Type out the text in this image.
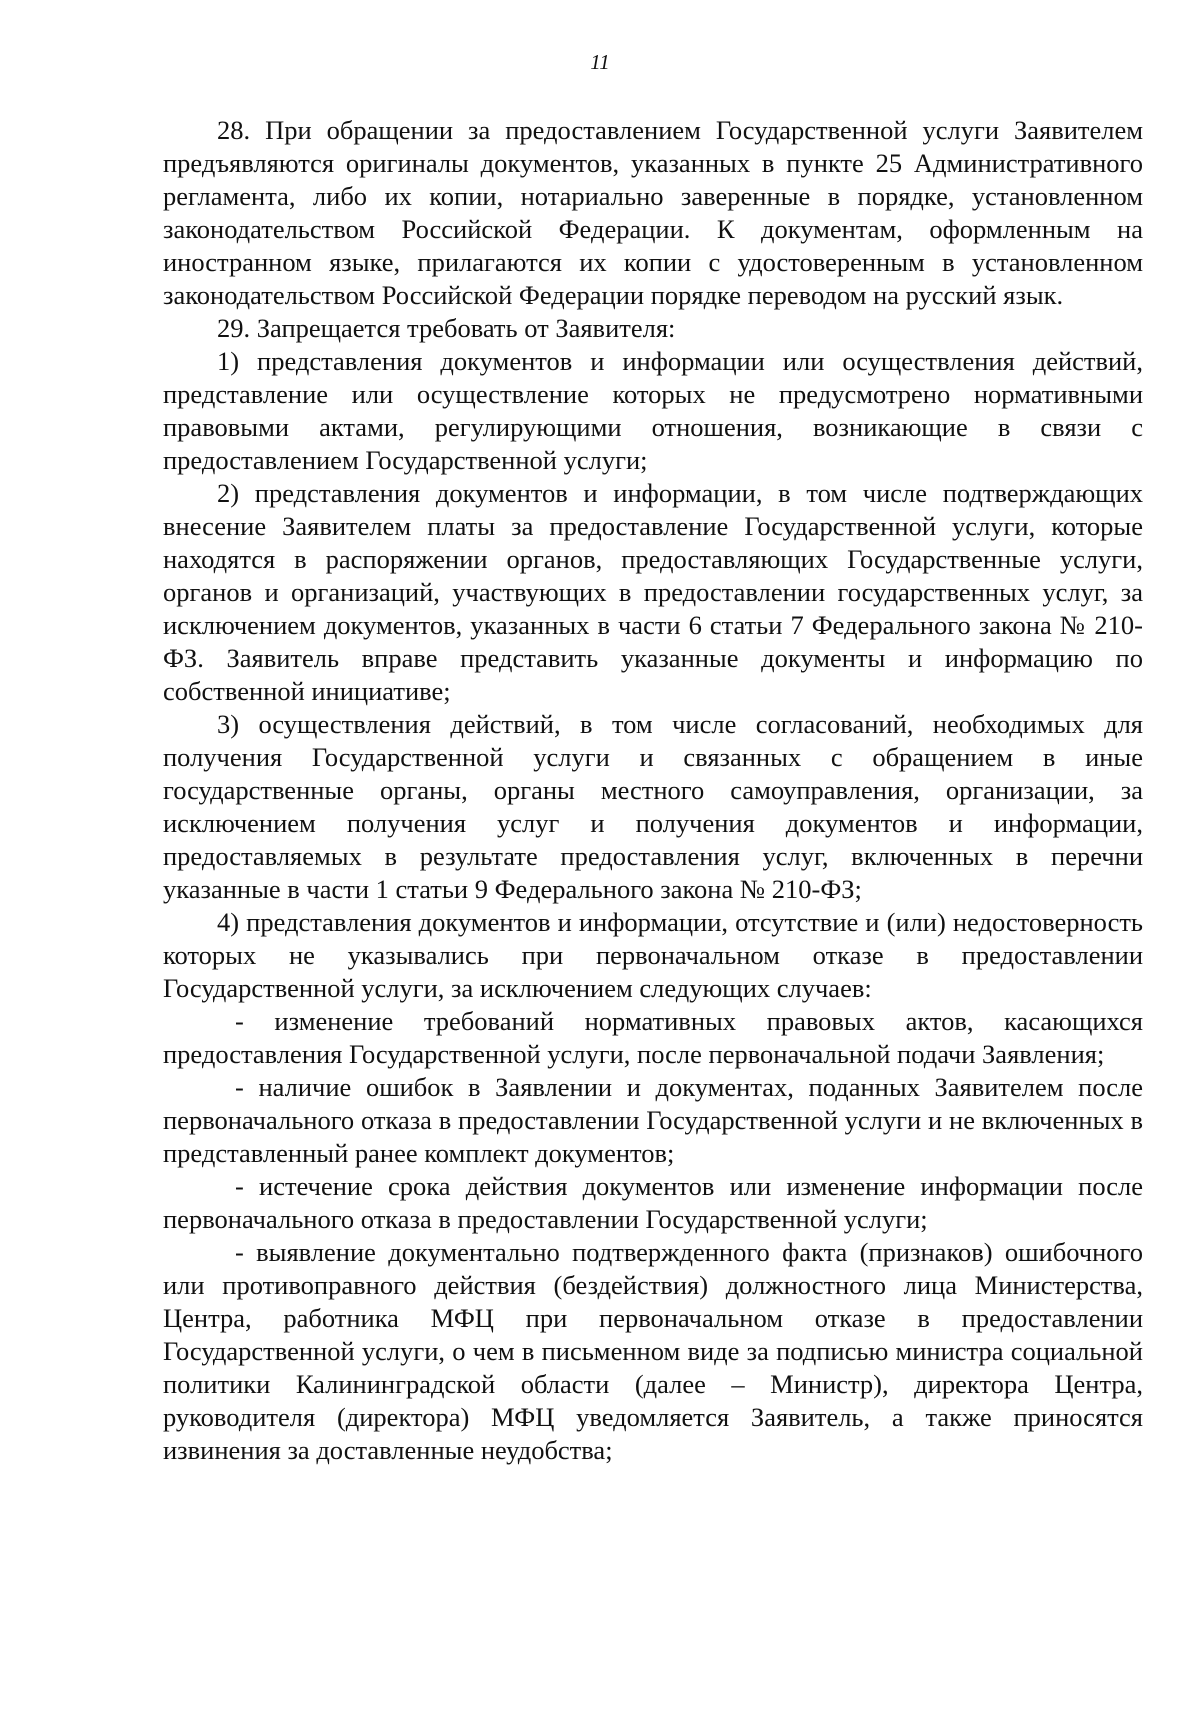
11

28. При обращении за предоставлением Государственной услуги Заявителем предъявляются оригиналы документов, указанных в пункте 25 Административного регламента, либо их копии, нотариально заверенные в порядке, установленном законодательством Российской Федерации. К документам, оформленным на иностранном языке, прилагаются их копии с удостоверенным в установленном законодательством Российской Федерации порядке переводом на русский язык.

29. Запрещается требовать от Заявителя:

1) представления документов и информации или осуществления действий, представление или осуществление которых не предусмотрено нормативными правовыми актами, регулирующими отношения, возникающие в связи с предоставлением Государственной услуги;

2) представления документов и информации, в том числе подтверждающих внесение Заявителем платы за предоставление Государственной услуги, которые находятся в распоряжении органов, предоставляющих Государственные услуги, органов и организаций, участвующих в предоставлении государственных услуг, за исключением документов, указанных в части 6 статьи 7 Федерального закона № 210-ФЗ. Заявитель вправе представить указанные документы и информацию по собственной инициативе;

3) осуществления действий, в том числе согласований, необходимых для получения Государственной услуги и связанных с обращением в иные государственные органы, органы местного самоуправления, организации, за исключением получения услуг и получения документов и информации, предоставляемых в результате предоставления услуг, включенных в перечни указанные в части 1 статьи 9 Федерального закона № 210-ФЗ;

4) представления документов и информации, отсутствие и (или) недостоверность которых не указывались при первоначальном отказе в предоставлении Государственной услуги, за исключением следующих случаев:

- изменение требований нормативных правовых актов, касающихся предоставления Государственной услуги, после первоначальной подачи Заявления;

- наличие ошибок в Заявлении и документах, поданных Заявителем после первоначального отказа в предоставлении Государственной услуги и не включенных в представленный ранее комплект документов;

- истечение срока действия документов или изменение информации после первоначального отказа в предоставлении Государственной услуги;

- выявление документально подтвержденного факта (признаков) ошибочного или противоправного действия (бездействия) должностного лица Министерства, Центра, работника МФЦ при первоначальном отказе в предоставлении Государственной услуги, о чем в письменном виде за подписью министра социальной политики Калининградской области (далее – Министр), директора Центра, руководителя (директора) МФЦ уведомляется Заявитель, а также приносятся извинения за доставленные неудобства;
